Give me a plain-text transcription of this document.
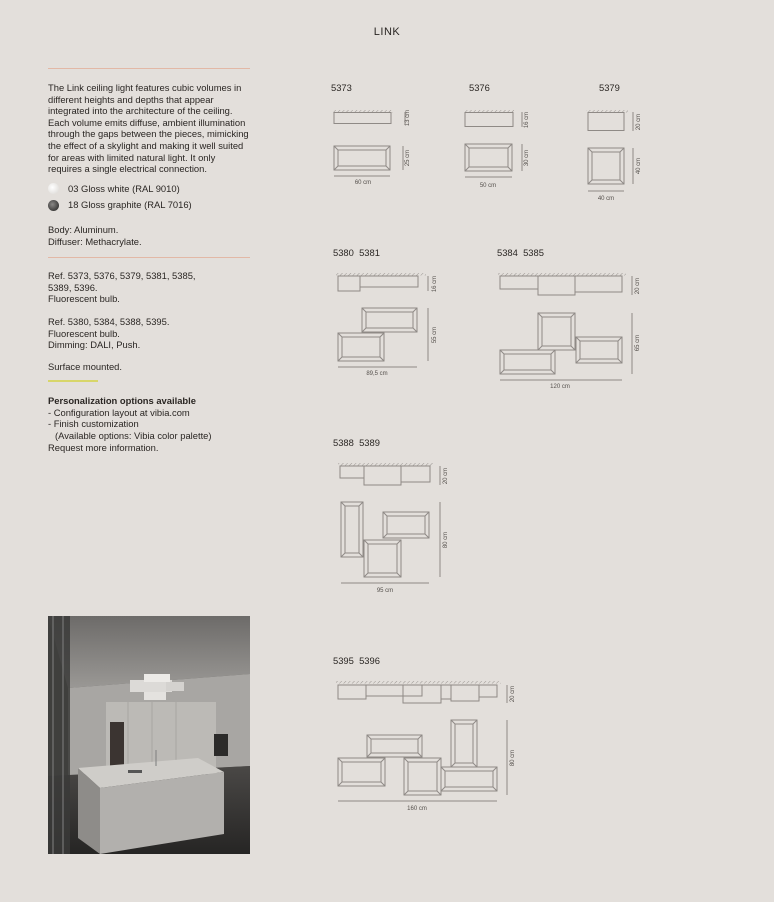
LINK

The Link ceiling light features cubic volumes in different heights and depths that appear integrated into the architecture of the ceiling. Each volume emits diffuse, ambient illumination through the gaps between the pieces, mimicking the effect of a skylight and making it well suited for areas with limited natural light. It only requires a single electrical connection.

03 Gloss white (RAL 9010)
18 Gloss graphite (RAL 7016)
Body: Aluminum.
Diffuser: Methacrylate.
Ref. 5373, 5376, 5379, 5381, 5385,
5389, 5396.
Fluorescent bulb.
Ref. 5380, 5384, 5388, 5395.
Fluorescent bulb.
Dimming: DALI, Push.
Surface mounted.
Personalization options available
- Configuration layout at vibia.com
- Finish customization
(Available options: Vibia color palette)
Request more information.
60 cm
13 cm
25 cm
50 cm
16 cm
30 cm
40 cm
20 cm
40 cm
89,5 cm
16 cm
55 cm
120 cm
20 cm
65 cm
95 cm
20 cm
80 cm
160 cm
20 cm
80 cm
5373	5376	5379
5380  5381	5384  5385
5388  5389
5395  5396
